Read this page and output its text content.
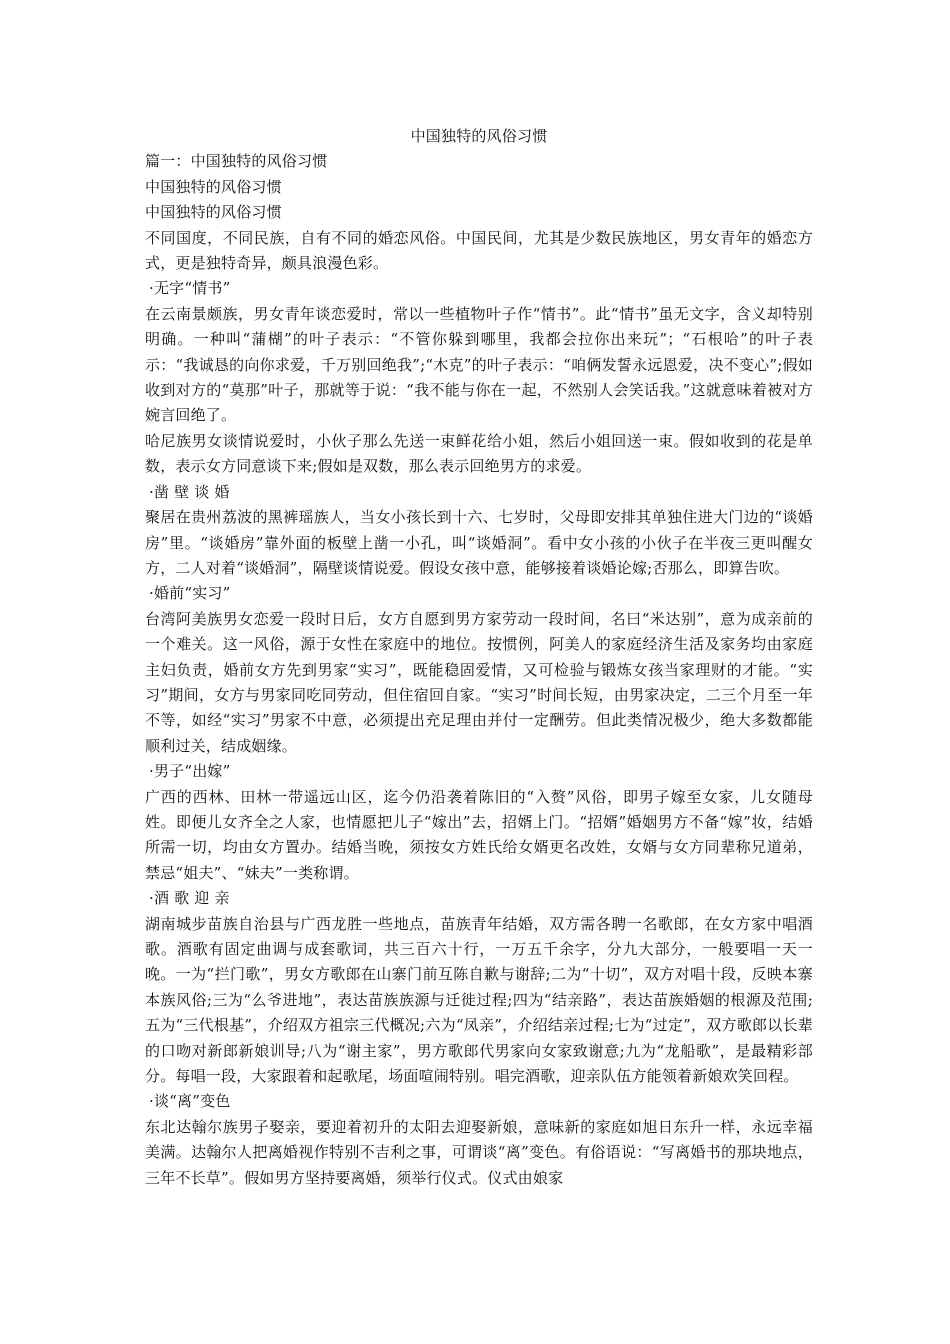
中国独特的风俗习惯

篇一：中国独特的风俗习惯

中国独特的风俗习惯

中国独特的风俗习惯

不同国度，不同民族，自有不同的婚恋风俗。中国民间，尤其是少数民族地区，男女青年的婚恋方式，更是独特奇异，颇具浪漫色彩。

·无字“情书”

在云南景颇族，男女青年谈恋爱时，常以一些植物叶子作“情书”。此“情书”虽无文字，含义却特别明确。一种叫“蒲楜”的叶子表示：“不管你躲到哪里，我都会拉你出来玩”；“石根哈”的叶子表示：“我诚恳的向你求爱，千万别回绝我”;“木克”的叶子表示：“咱俩发誓永远恩爱，决不变心”;假如收到对方的“莫那”叶子，那就等于说：“我不能与你在一起，不然别人会笑话我。”这就意味着被对方婉言回绝了。

哈尼族男女谈情说爱时，小伙子那么先送一束鲜花给小姐，然后小姐回送一束。假如收到的花是单数，表示女方同意谈下来;假如是双数，那么表示回绝男方的求爱。

·凿 壁 谈 婚

聚居在贵州荔波的黑裤瑶族人，当女小孩长到十六、七岁时，父母即安排其单独住进大门边的“谈婚房”里。“谈婚房”靠外面的板壁上凿一小孔，叫“谈婚洞”。看中女小孩的小伙子在半夜三更叫醒女方，二人对着“谈婚洞”，隔壁谈情说爱。假设女孩中意，能够接着谈婚论嫁;否那么，即算告吹。

·婚前“实习”

台湾阿美族男女恋爱一段时日后，女方自愿到男方家劳动一段时间，名曰“米达别”，意为成亲前的一个难关。这一风俗，源于女性在家庭中的地位。按惯例，阿美人的家庭经济生活及家务均由家庭主妇负责，婚前女方先到男家“实习”，既能稳固爱情，又可检验与锻炼女孩当家理财的才能。“实习”期间，女方与男家同吃同劳动，但住宿回自家。“实习”时间长短，由男家决定，二三个月至一年不等，如经“实习”男家不中意，必须提出充足理由并付一定酬劳。但此类情况极少，绝大多数都能顺利过关，结成姻缘。

·男子“出嫁”

广西的西林、田林一带遥远山区，迄今仍沿袭着陈旧的“入赘”风俗，即男子嫁至女家，儿女随母姓。即便儿女齐全之人家，也情愿把儿子“嫁出”去，招婿上门。“招婿”婚姻男方不备“嫁”妆，结婚所需一切，均由女方置办。结婚当晚，须按女方姓氏给女婿更名改姓，女婿与女方同辈称兄道弟，禁忌“姐夫”、“妹夫”一类称谓。

·酒 歌 迎 亲

湖南城步苗族自治县与广西龙胜一些地点，苗族青年结婚，双方需各聘一名歌郎，在女方家中唱酒歌。酒歌有固定曲调与成套歌词，共三百六十行，一万五千余字，分九大部分，一般要唱一天一晚。一为“拦门歌”，男女方歌郎在山寨门前互陈自歉与谢辞;二为“十切”，双方对唱十段，反映本寨本族风俗;三为“么爷进地”，表达苗族族源与迁徙过程;四为“结亲路”，表达苗族婚姻的根源及范围;五为“三代根基”，介绍双方祖宗三代概况;六为“凤亲”，介绍结亲过程;七为“过定”，双方歌郎以长辈的口吻对新郎新娘训导;八为“谢主家”，男方歌郎代男家向女家致谢意;九为“龙船歌”，是最精彩部分。每唱一段，大家跟着和起歌尾，场面喧闹特别。唱完酒歌，迎亲队伍方能领着新娘欢笑回程。

·谈“离”变色

东北达翰尔族男子娶亲，要迎着初升的太阳去迎娶新娘，意味新的家庭如旭日东升一样，永远幸福美满。达翰尔人把离婚视作特别不吉利之事，可谓谈“离”变色。有俗语说：“写离婚书的那块地点，三年不长草”。假如男方坚持要离婚，须举行仪式。仪式由娘家
